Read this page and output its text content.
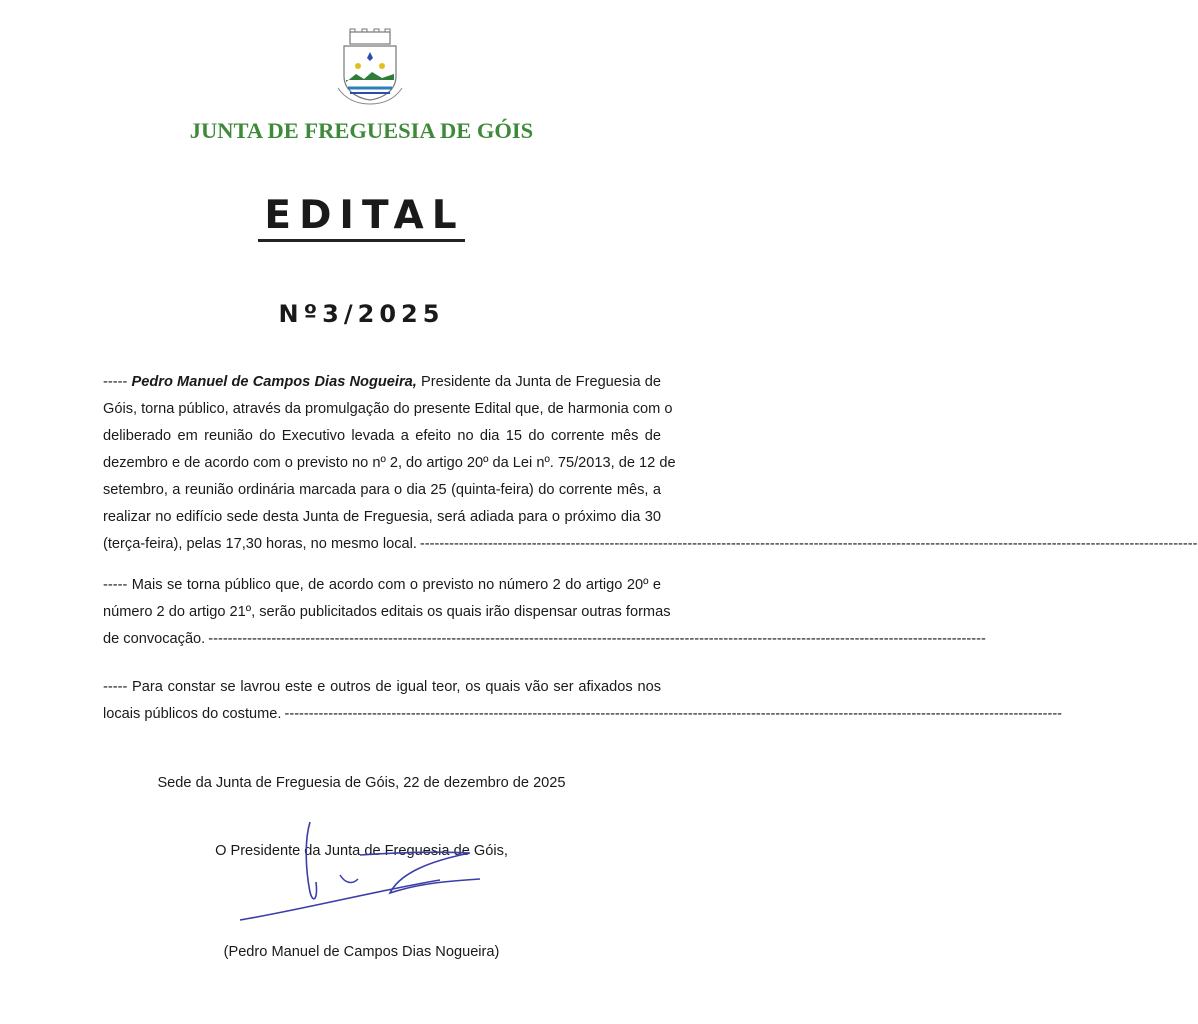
JUNTA DE FREGUESIA DE GÓIS
EDITAL
Nº3/2025
----- Pedro Manuel de Campos Dias Nogueira, Presidente da Junta de Freguesia de
Góis, torna público, através da promulgação do presente Edital que, de harmonia com o
deliberado em reunião do Executivo levada a efeito no dia 15 do corrente mês de
dezembro e de acordo com o previsto no nº 2, do artigo 20º da Lei nº. 75/2013, de 12 de
setembro, a reunião ordinária marcada para o dia 25 (quinta-feira) do corrente mês, a
realizar no edifício sede desta Junta de Freguesia, será adiada para o próximo dia 30
(terça-feira), pelas 17,30 horas, no mesmo local. ----------------------------------------------------------------------------------------------------------------------------------------------------------------
----- Mais se torna público que, de acordo com o previsto no número 2 do artigo 20º e
número 2 do artigo 21º, serão publicitados editais os quais irão dispensar outras formas
de convocação. ----------------------------------------------------------------------------------------------------------------------------------------------------------------
----- Para constar se lavrou este e outros de igual teor, os quais vão ser afixados nos
locais públicos do costume. ----------------------------------------------------------------------------------------------------------------------------------------------------------------
Sede da Junta de Freguesia de Góis, 22 de dezembro de 2025
O Presidente da Junta de Freguesia de Góis,
(Pedro Manuel de Campos Dias Nogueira)
